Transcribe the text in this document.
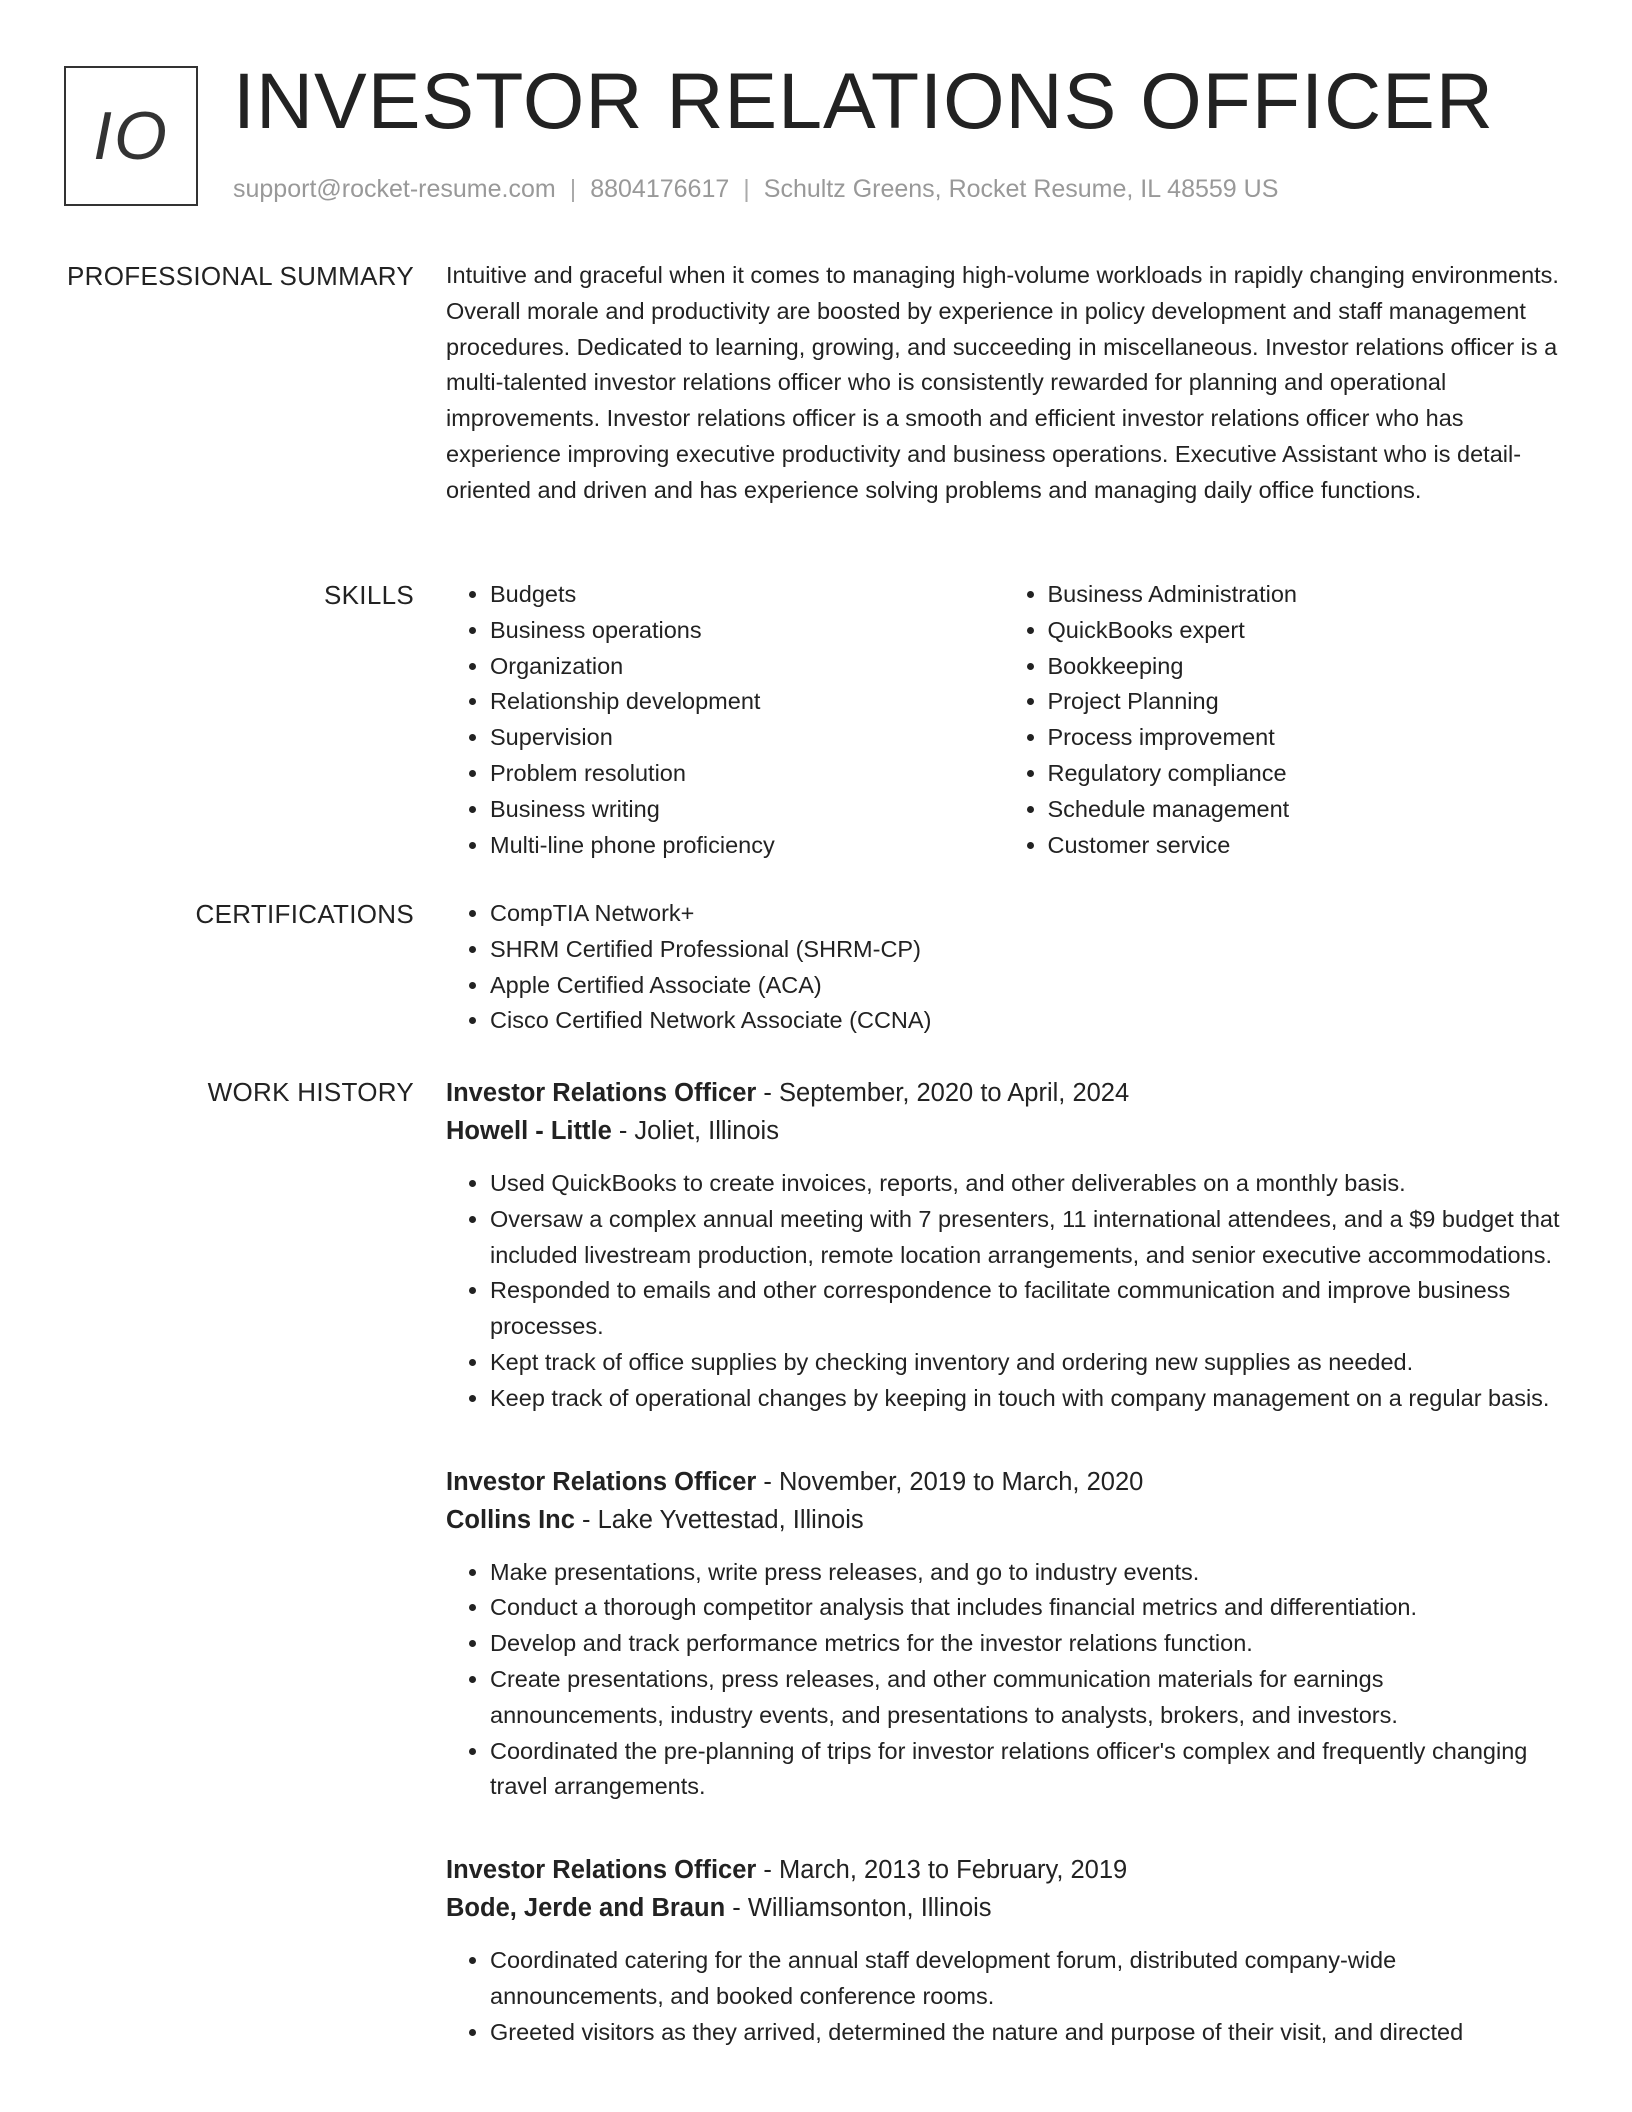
IO INVESTOR RELATIONS OFFICER
support@rocket-resume.com | 8804176617 | Schultz Greens, Rocket Resume, IL 48559 US
PROFESSIONAL SUMMARY Intuitive and graceful when it comes to managing high-volume workloads in rapidly changing environments. Overall morale and productivity are boosted by experience in policy development and staff management procedures. Dedicated to learning, growing, and succeeding in miscellaneous. Investor relations officer is a multi-talented investor relations officer who is consistently rewarded for planning and operational improvements. Investor relations officer is a smooth and efficient investor relations officer who has experience improving executive productivity and business operations. Executive Assistant who is detail-oriented and driven and has experience solving problems and managing daily office functions.

SKILLS	• Budgets
• Business operations
• Organization
• Relationship development
• Supervision
• Problem resolution
• Business writing
• Multi-line phone proficiency
• Business Administration
• QuickBooks expert
• Bookkeeping
• Project Planning
• Process improvement
• Regulatory compliance
• Schedule management
• Customer service
CERTIFICATIONS	• CompTIA Network+
• SHRM Certified Professional (SHRM-CP)
• Apple Certified Associate (ACA)
• Cisco Certified Network Associate (CCNA)
WORK HISTORY Investor Relations Officer - September, 2020 to April, 2024
Howell - Little - Joliet, Illinois
• Used QuickBooks to create invoices, reports, and other deliverables on a monthly basis.
• Oversaw a complex annual meeting with 7 presenters, 11 international attendees, and a $9 budget that included livestream production, remote location arrangements, and senior executive accommodations.
• Responded to emails and other correspondence to facilitate communication and improve business processes.
• Kept track of office supplies by checking inventory and ordering new supplies as needed.
• Keep track of operational changes by keeping in touch with company management on a regular basis.
Investor Relations Officer - November, 2019 to March, 2020
Collins Inc - Lake Yvettestad, Illinois
• Make presentations, write press releases, and go to industry events.
• Conduct a thorough competitor analysis that includes financial metrics and differentiation.
• Develop and track performance metrics for the investor relations function.
• Create presentations, press releases, and other communication materials for earnings announcements, industry events, and presentations to analysts, brokers, and investors.
• Coordinated the pre-planning of trips for investor relations officer's complex and frequently changing travel arrangements.
Investor Relations Officer - March, 2013 to February, 2019
Bode, Jerde and Braun - Williamsonton, Illinois
• Coordinated catering for the annual staff development forum, distributed company-wide announcements, and booked conference rooms.
• Greeted visitors as they arrived, determined the nature and purpose of their visit, and directed
